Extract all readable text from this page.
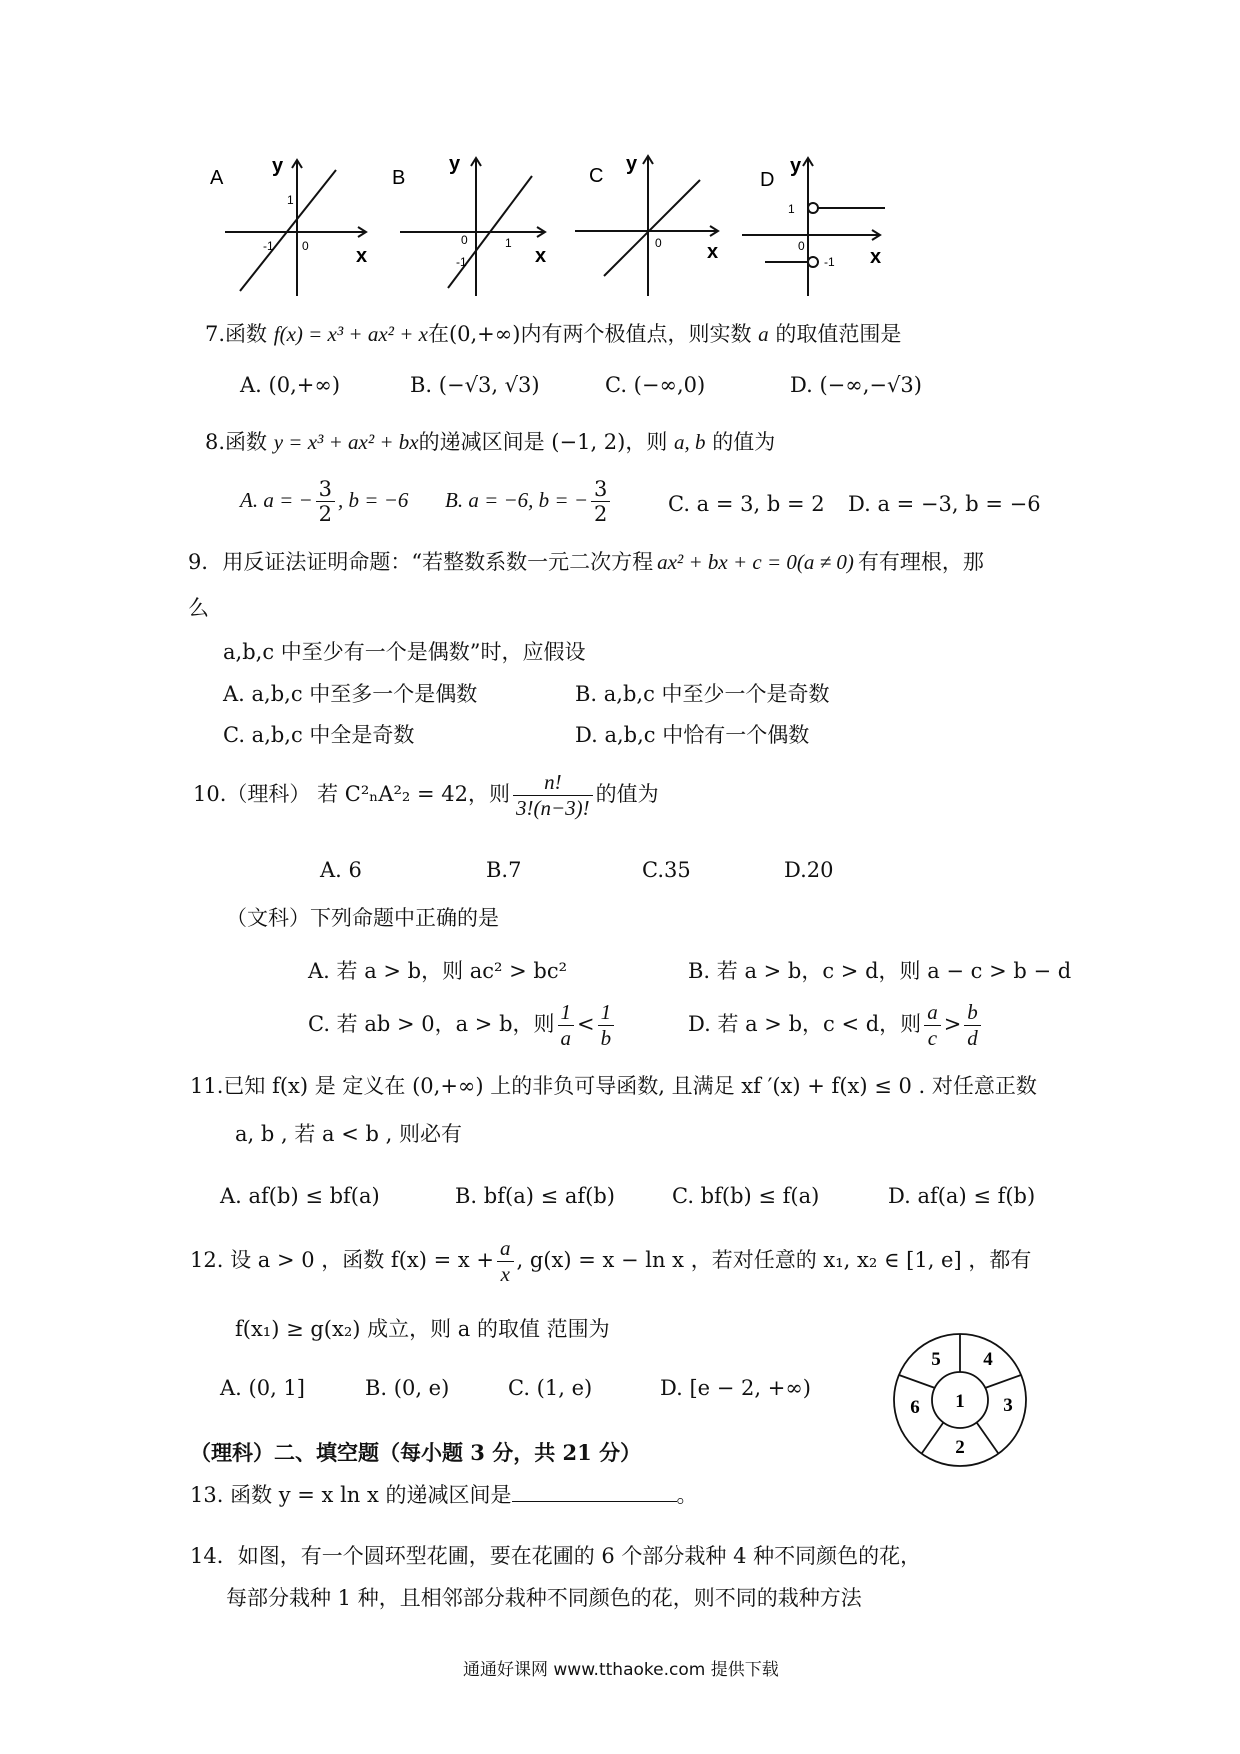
A
y
x
1
-1 0
B
y
x
1
-1
0
C
y
x
0
D
y
x
1
-1
0
7.函数 f(x) = x³ + ax² + x在(0,+∞)内有两个极值点，则实数 a 的取值范围是
A. (0,+∞)	B. (−√3, √3)	C. (−∞,0)	D. (−∞,−√3)
8.函数 y = x³ + ax² + bx的递减区间是 (−1, 2)，则 a, b 的值为
A. a = − $\frac{3}{2}$ , b = −6 B. a = −6, b = − $\frac{3}{2}$	C. a = 3, b = 2 D. a = −3, b = −6
9．用反证法证明命题：“若整数系数一元二次方程 ax² + bx + c = 0(a ≠ 0) 有有理根，那
么
a,b,c 中至少有一个是偶数”时，应假设
A. a,b,c 中至多一个是偶数	B. a,b,c 中至少一个是奇数
C. a,b,c 中全是奇数	D. a,b,c 中恰有一个偶数
10.（理科） 若 C²ₙA²₂ = 42，则 $\frac{n!}{3!(n-3)!}$ 的值为
A. 6	B.7	C.35	D.20
（文科）下列命题中正确的是
A. 若 a > b，则 ac² > bc²	B. 若 a > b，c > d，则 a − c > b − d
C. 若 ab > 0，a > b，则 $\frac{1}{a} < \frac{1}{b}$	D. 若 a > b，c < d，则 $\frac{a}{c} > \frac{b}{d}$
11.已知 f(x) 是 定义在 (0,+∞) 上的非负可导函数, 且满足 xf ′(x) + f(x) ≤ 0 . 对任意正数
a, b , 若 a < b , 则必有
A. af(b) ≤ bf(a)	B. bf(a) ≤ af(b)	C. bf(b) ≤ f(a)	D. af(a) ≤ f(b)
12. 设 a > 0 ，函数 $f(x) = x + \frac{a}{x}$ , g(x) = x − ln x ，若对任意的 x₁, x₂ ∈ [1, e] ，都有
f(x₁) ≥ g(x₂) 成立，则 a 的取值 范围为
A. (0, 1]	B. (0, e)	C. (1, e)	D. [e − 2, +∞)
1
2
3
4
5
6
（理科）二、填空题（每小题 3 分，共 21 分）
13. 函数 y = x ln x 的递减区间是	。
14．如图，有一个圆环型花圃，要在花圃的 6 个部分栽种 4 种不同颜色的花，
每部分栽种 1 种，且相邻部分栽种不同颜色的花，则不同的栽种方法
通通好课网 www.tthaoke.com 提供下载
